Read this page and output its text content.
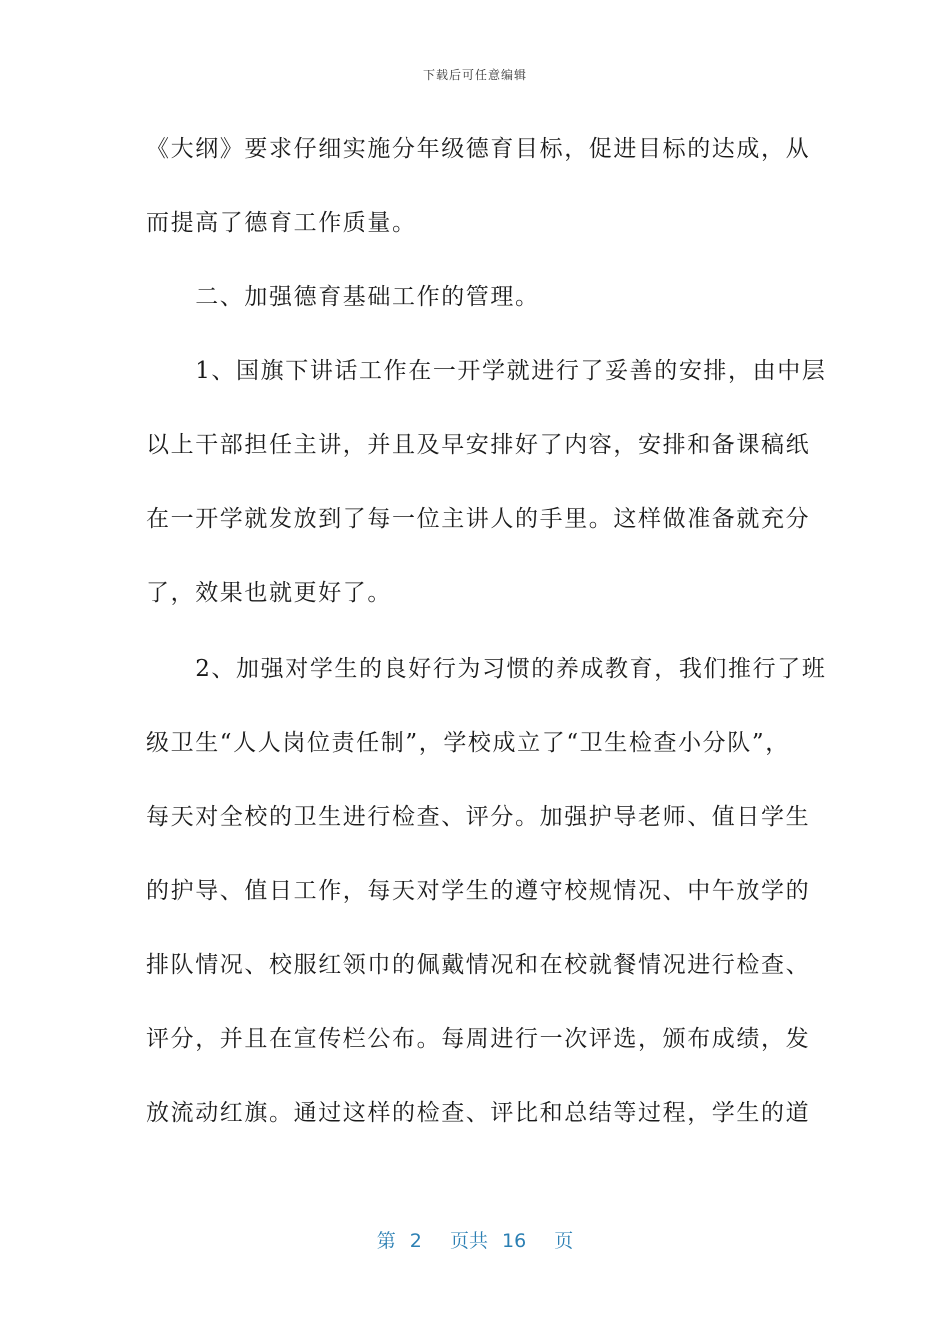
下载后可任意编辑
《大纲》要求仔细实施分年级德育目标，促进目标的达成，从
而提高了德育工作质量。
　　二、加强德育基础工作的管理。
　　1、国旗下讲话工作在一开学就进行了妥善的安排，由中层
以上干部担任主讲，并且及早安排好了内容，安排和备课稿纸
在一开学就发放到了每一位主讲人的手里。这样做准备就充分
了，效果也就更好了。
　　2、加强对学生的良好行为习惯的养成教育，我们推行了班
级卫生“人人岗位责任制”，学校成立了“卫生检查小分队”，
每天对全校的卫生进行检查、评分。加强护导老师、值日学生
的护导、值日工作，每天对学生的遵守校规情况、中午放学的
排队情况、校服红领巾的佩戴情况和在校就餐情况进行检查、
评分，并且在宣传栏公布。每周进行一次评选，颁布成绩，发
放流动红旗。通过这样的检查、评比和总结等过程，学生的道
第 2 页共 16 页
